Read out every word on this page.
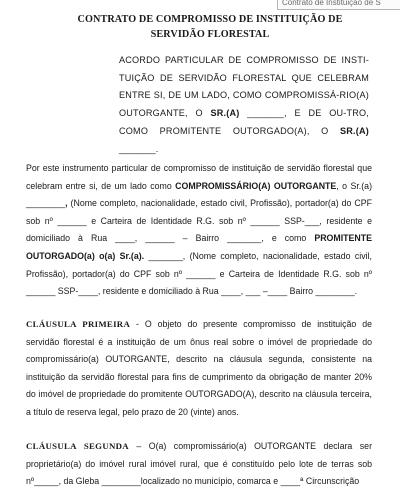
Contrato de Instituição de S
CONTRATO DE COMPROMISSO DE INSTITUIÇÃO DE
SERVIDÃO FLORESTAL
ACORDO PARTICULAR DE COMPROMISSO DE INSTI-TUIÇÃO DE SERVIDÃO FLORESTAL QUE CELEBRAM ENTRE SI, DE UM LADO, COMO COMPROMISSÁ-RIO(A) OUTORGANTE, O SR.(A) _______, E DE OU-TRO, COMO PROMITENTE OUTORGADO(A), O SR.(A) _______.
Por este instrumento particular de compromisso de instituição de servidão florestal que celebram entre si, de um lado como COMPROMISSÁRIO(A) OUTORGANTE, o Sr.(a) ________, (Nome completo, nacionalidade, estado civil, Profissão), portador(a) do CPF sob nº ______ e Carteira de Identidade R.G. sob nº ______ SSP-___, residente e domiciliado à Rua ____, ______ – Bairro _______, e como PROMITENTE OUTORGADO(a) o(a) Sr.(a). _______, (Nome completo, nacionalidade, estado civil, Profissão), portador(a) do CPF sob nº ______ e Carteira de Identidade R.G. sob nº ______ SSP-____, residente e domiciliado à Rua ____, ___ –____ Bairro ________.
CLÁUSULA PRIMEIRA - O objeto do presente compromisso de instituição de servidão florestal é a instituição de um ônus real sobre o imóvel de propriedade do compromissário(a) OUTORGANTE, descrito na cláusula segunda, consistente na instituição da servidão florestal para fins de cumprimento da obrigação de manter 20% do imóvel de propriedade do promitente OUTORGADO(A), descrito na cláusula terceira, a título de reserva legal, pelo prazo de 20 (vinte) anos.
CLÁUSULA SEGUNDA – O(a) compromissário(a) OUTORGANTE declara ser proprietário(a) do imóvel rural imóvel rural, que é constituído pelo lote de terras sob nº_____, da Gleba ________localizado no município, comarca e ____ª Circunscrição
